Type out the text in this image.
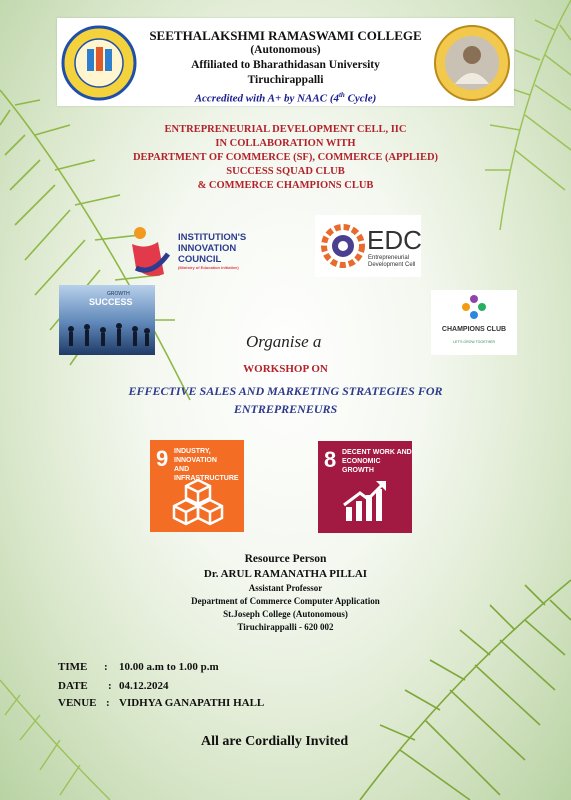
SEETHALAKSHMI RAMASWAMI COLLEGE
(Autonomous)
Affiliated to Bharathidasan University
Tiruchirappalli
Accredited with A+ by NAAC (4th Cycle)
ENTREPRENEURIAL DEVELOPMENT CELL, IIC
IN COLLABORATION WITH
DEPARTMENT OF COMMERCE (SF), COMMERCE (APPLIED)
SUCCESS SQUAD CLUB
& COMMERCE CHAMPIONS CLUB
INSTITUTION'S
INNOVATION
COUNCIL
(Ministry of Education Initiative)
EDC
Entrepreneurial
Development Cell
GROWTH
SUCCESS
CHAMPIONS CLUB
LET'S GROW TOGETHER
Organise a
WORKSHOP ON
EFFECTIVE SALES AND MARKETING STRATEGIES FOR
ENTREPRENEURS
9 INDUSTRY, INNOVATION
AND INFRASTRUCTURE
8 DECENT WORK AND
ECONOMIC GROWTH
Resource Person
Dr. ARUL RAMANATHA PILLAI
Assistant Professor
Department of Commerce Computer Application
St.Joseph College (Autonomous)
Tiruchirappalli - 620 002
TIME : 10.00 a.m to 1.00 p.m
DATE : 04.12.2024
VENUE : VIDHYA GANAPATHI HALL
All are Cordially Invited
